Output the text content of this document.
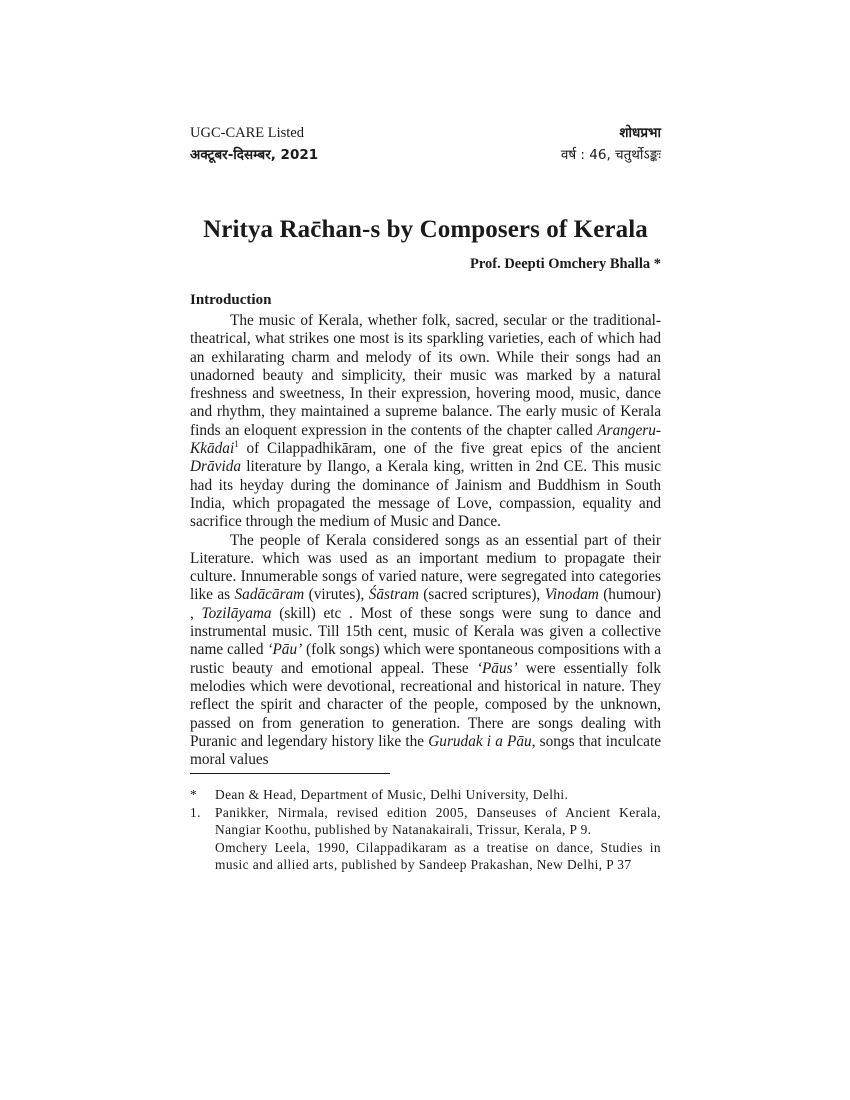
UGC-CARE Listed	शोधप्रभा
अक्टूबर-दिसम्बर, 2021	वर्ष : 46, चतुर्थोऽङ्कः
Nritya Rac̄han-s by Composers of Kerala
Prof. Deepti Omchery Bhalla *
Introduction

The music of Kerala, whether folk, sacred, secular or the traditional-theatrical, what strikes one most is its sparkling varieties, each of which had an exhilarating charm and melody of its own. While their songs had an unadorned beauty and simplicity, their music was marked by a natural freshness and sweetness, In their expression, hovering mood, music, dance and rhythm, they maintained a supreme balance. The early music of Kerala finds an eloquent expression in the contents of the chapter called Arangeru-Kkādai$^1$ of Cilappadhikāram, one of the five great epics of the ancient Drāvida literature by Ilango, a Kerala king, written in 2nd CE. This music had its heyday during the dominance of Jainism and Buddhism in South India, which propagated the message of Love, compassion, equality and sacrifice through the medium of Music and Dance.

The people of Kerala considered songs as an essential part of their Literature. which was used as an important medium to propagate their culture. Innumerable songs of varied nature, were segregated into categories like as Sadācāram (virutes), Śāstram (sacred scriptures), Vinodam (humour) , Tozilāyama (skill) etc . Most of these songs were sung to dance and instrumental music. Till 15th cent, music of Kerala was given a collective name called ‘Pāu’ (folk songs) which were spontaneous compositions with a rustic beauty and emotional appeal. These ‘Pāus’ were essentially folk melodies which were devotional, recreational and historical in nature. They reflect the spirit and character of the people, composed by the unknown, passed on from generation to generation. There are songs dealing with Puranic and legendary history like the Gurudak i a Pāu, songs that inculcate moral values

*	Dean & Head, Department of Music, Delhi University, Delhi.
1.	Panikker, Nirmala, revised edition 2005, Danseuses of Ancient Kerala, Nangiar Koothu, published by Natanakairali, Trissur, Kerala, P 9.
Omchery Leela, 1990, Cilappadikaram as a treatise on dance, Studies in music and allied arts, published by Sandeep Prakashan, New Delhi, P 37
